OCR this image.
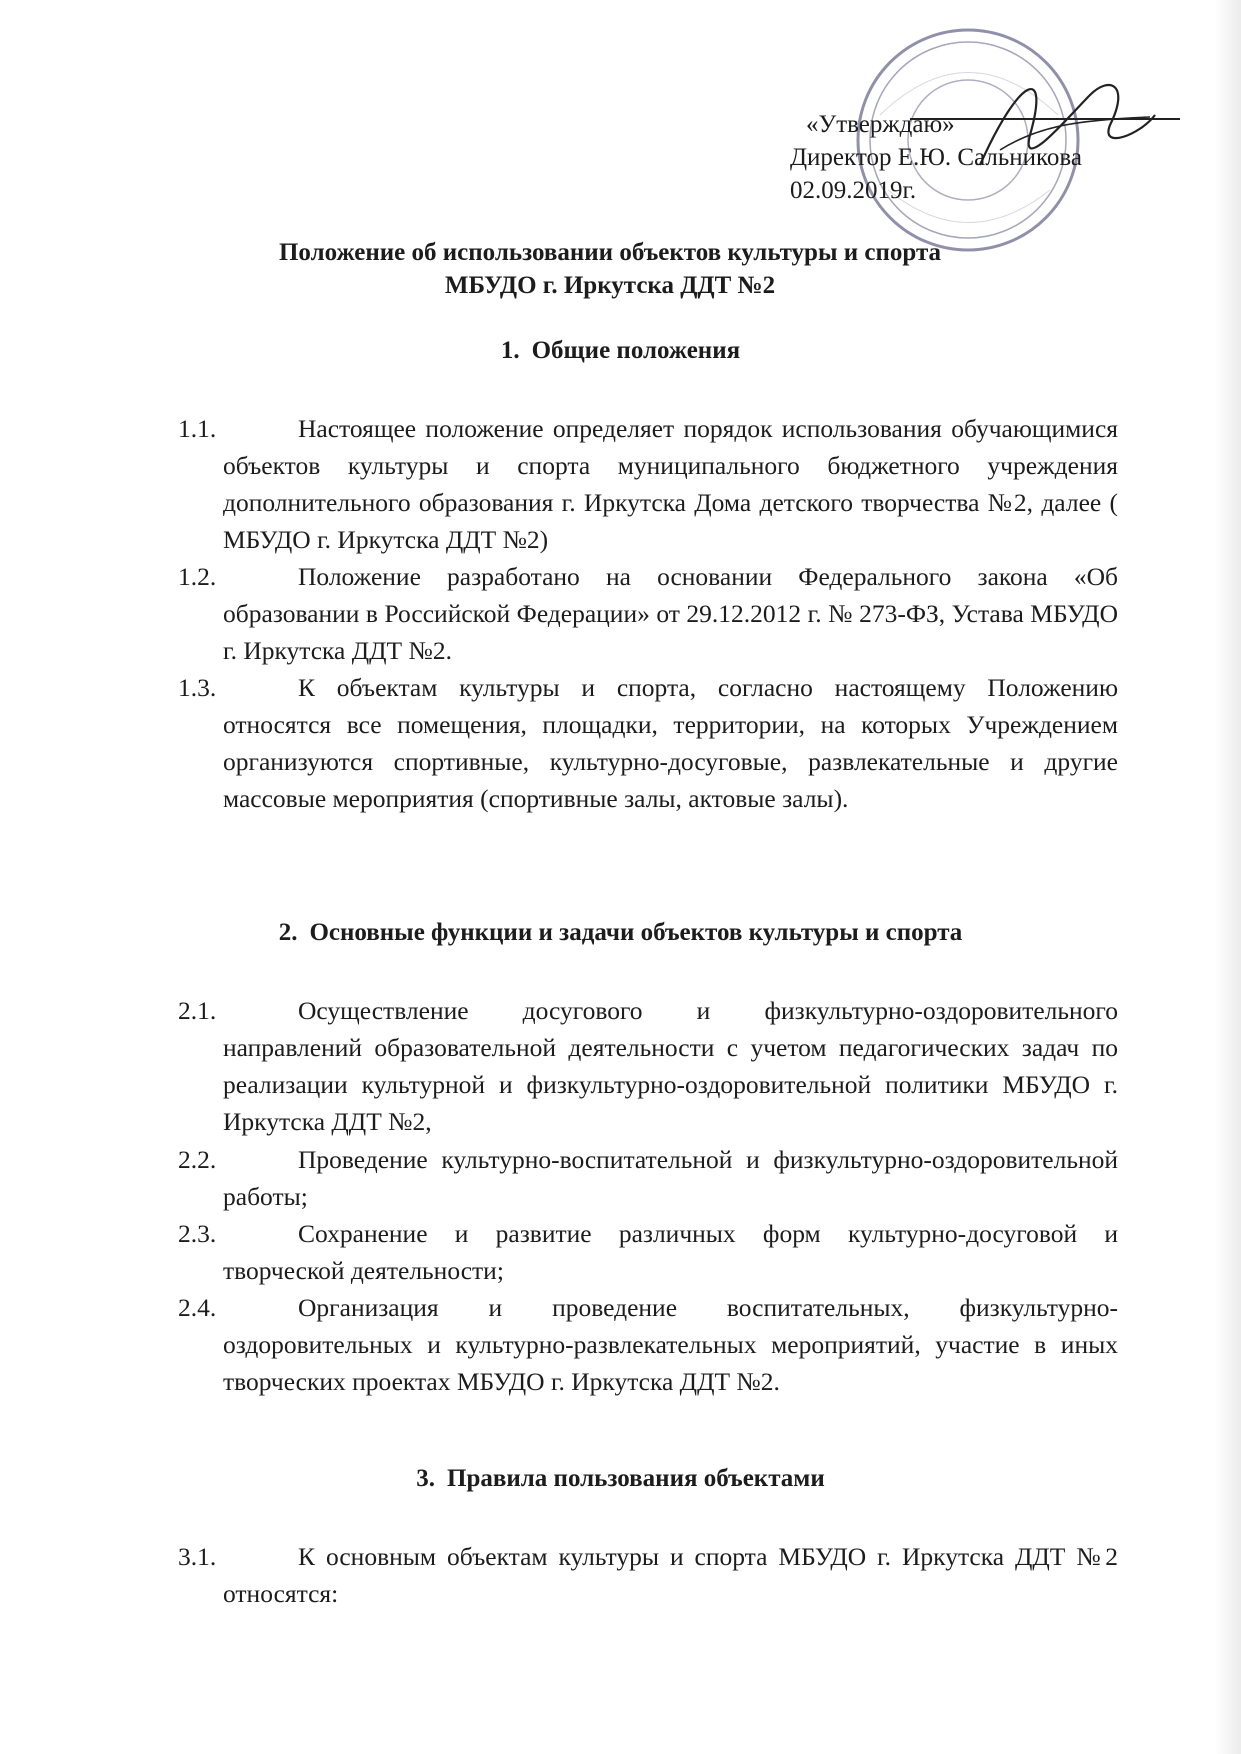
«Утверждаю»
Директор Е.Ю. Сальникова
02.09.2019г.
Положение об использовании объектов культуры и спорта
МБУДО г. Иркутска ДДТ №2
1. Общие положения
1.1.	Настоящее положение определяет порядок использования обучающимися объектов культуры и спорта муниципального бюджетного учреждения дополнительного образования г. Иркутска Дома детского творчества №2, далее ( МБУДО г. Иркутска ДДТ №2)
1.2.	Положение разработано на основании Федерального закона «Об образовании в Российской Федерации» от 29.12.2012 г. № 273-ФЗ, Устава МБУДО г. Иркутска ДДТ №2.
1.3.	К объектам культуры и спорта, согласно настоящему Положению относятся все помещения, площадки, территории, на которых Учреждением организуются спортивные, культурно-досуговые, развлекательные и другие массовые мероприятия (спортивные залы, актовые залы).
2. Основные функции и задачи объектов культуры и спорта
2.1.	Осуществление досугового и физкультурно-оздоровительного направлений образовательной деятельности с учетом педагогических задач по реализации культурной и физкультурно-оздоровительной политики МБУДО г. Иркутска ДДТ №2,
2.2.	Проведение культурно-воспитательной и физкультурно-оздоровительной работы;
2.3.	Сохранение и развитие различных форм культурно-досуговой и творческой деятельности;
2.4.	Организация и проведение воспитательных, физкультурно-оздоровительных и культурно-развлекательных мероприятий, участие в иных творческих проектах МБУДО г. Иркутска ДДТ №2.
3. Правила пользования объектами
3.1.	К основным объектам культуры и спорта МБУДО г. Иркутска ДДТ №2 относятся:
